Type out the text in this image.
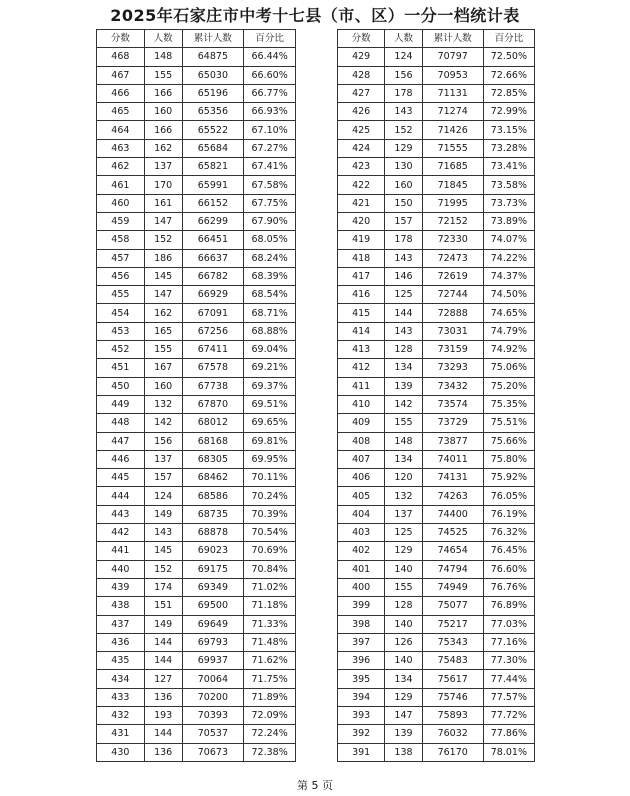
2025年石家庄市中考十七县（市、区）一分一档统计表
分数	人数	累计人数	百分比
468	148	64875	66.44%
467	155	65030	66.60%
466	166	65196	66.77%
465	160	65356	66.93%
464	166	65522	67.10%
463	162	65684	67.27%
462	137	65821	67.41%
461	170	65991	67.58%
460	161	66152	67.75%
459	147	66299	67.90%
458	152	66451	68.05%
457	186	66637	68.24%
456	145	66782	68.39%
455	147	66929	68.54%
454	162	67091	68.71%
453	165	67256	68.88%
452	155	67411	69.04%
451	167	67578	69.21%
450	160	67738	69.37%
449	132	67870	69.51%
448	142	68012	69.65%
447	156	68168	69.81%
446	137	68305	69.95%
445	157	68462	70.11%
444	124	68586	70.24%
443	149	68735	70.39%
442	143	68878	70.54%
441	145	69023	70.69%
440	152	69175	70.84%
439	174	69349	71.02%
438	151	69500	71.18%
437	149	69649	71.33%
436	144	69793	71.48%
435	144	69937	71.62%
434	127	70064	71.75%
433	136	70200	71.89%
432	193	70393	72.09%
431	144	70537	72.24%
430	136	70673	72.38%
分数	人数	累计人数	百分比
429	124	70797	72.50%
428	156	70953	72.66%
427	178	71131	72.85%
426	143	71274	72.99%
425	152	71426	73.15%
424	129	71555	73.28%
423	130	71685	73.41%
422	160	71845	73.58%
421	150	71995	73.73%
420	157	72152	73.89%
419	178	72330	74.07%
418	143	72473	74.22%
417	146	72619	74.37%
416	125	72744	74.50%
415	144	72888	74.65%
414	143	73031	74.79%
413	128	73159	74.92%
412	134	73293	75.06%
411	139	73432	75.20%
410	142	73574	75.35%
409	155	73729	75.51%
408	148	73877	75.66%
407	134	74011	75.80%
406	120	74131	75.92%
405	132	74263	76.05%
404	137	74400	76.19%
403	125	74525	76.32%
402	129	74654	76.45%
401	140	74794	76.60%
400	155	74949	76.76%
399	128	75077	76.89%
398	140	75217	77.03%
397	126	75343	77.16%
396	140	75483	77.30%
395	134	75617	77.44%
394	129	75746	77.57%
393	147	75893	77.72%
392	139	76032	77.86%
391	138	76170	78.01%
第 5 页
